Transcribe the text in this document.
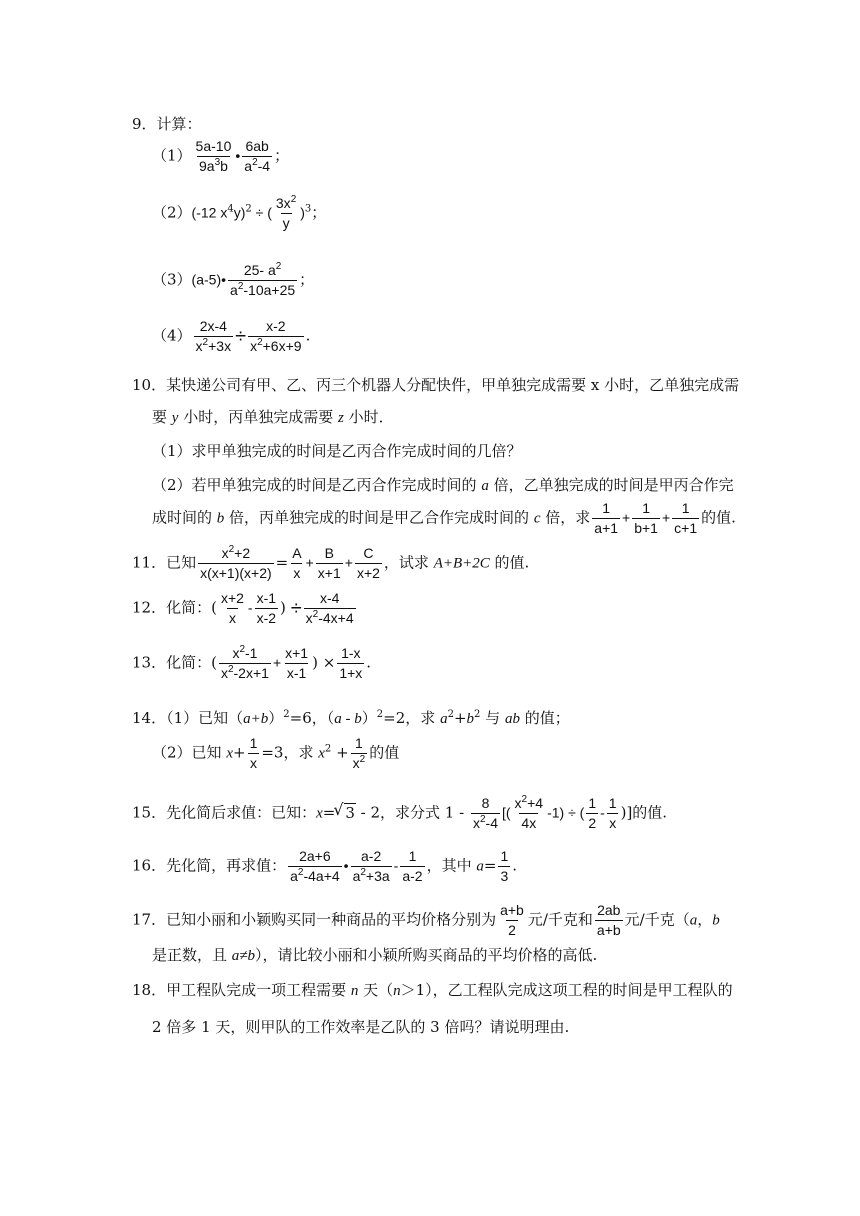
9．计算：
$(1) \frac{5a-10}{9a^3b}$ • $\frac{6ab}{a^2-4}$ ；
（2）(-12 $x^4y)^2$ ÷ ( $\frac{3x^2}{y} )^3$；
（3）(a-5)• $\frac{25- a^2}{a^2-10a+25}$ ；
$(4) \frac{2x-4}{x^2+3x} \div \frac{x-2}{x^2+6x+9}$ .
10．某快递公司有甲、乙、丙三个机器人分配快件，甲单独完成需要 x 小时，乙单独完成需
要 y 小时，丙单独完成需要 z 小时．
（1）求甲单独完成的时间是乙丙合作完成时间的几倍？
（2）若甲单独完成的时间是乙丙合作完成时间的 a 倍，乙单独完成的时间是甲丙合作完
成时间的 b 倍，丙单独完成的时间是甲乙合作完成时间的 c 倍，求 $\frac{1}{a+1} + \frac{1}{b+1} + \frac{1}{c+1}$ 的值.
11．已知 $\frac{x^2+2}{x(x+1)(x+2)} = \frac{A}{x} + \frac{B}{x+1} + \frac{C}{x+2}$ ，试求 A+B+2C 的值.
12．化简：( $\frac{x+2}{x} - \frac{x-1}{x-2}$ ) ÷ $\frac{x-4}{x^2-4x+4}$
13．化简：( $\frac{x^2-1}{x^2-2x+1} + \frac{x+1}{x-1}$ ) × $\frac{1-x}{1+x}$ .
14．（1）已知$(a+b)^2=6$，（a - b）$^2$=2，求 $a^2+b^2$ 与 ab 的值；
（2）已知 $x+ \frac{1}{x} =3$，求 $x^2 + \frac{1}{x^2}$ 的值
15．先化简后求值：已知：x=√ 3 - 2，求分式 $1 - \frac{8}{x^2-4}$ [( $\frac{x^2+4}{4x} -1$) ÷ ( $\frac{1}{2} - \frac{1}{x}$ )]的值.
16．先化简，再求值： $\frac{2a+6}{a^2-4a+4}$ • $\frac{a-2}{a^2+3a} - \frac{1}{a-2}$ ，其中 $a= \frac{1}{3}$ .
17．已知小丽和小颖购买同一种商品的平均价格分别为 $\frac{a+b}{2}$ 元/千克和 $\frac{2ab}{a+b}$ 元/千克（a，b
是正数，且 a≠b），请比较小丽和小颖所购买商品的平均价格的高低.
18．甲工程队完成一项工程需要 n 天（n＞1），乙工程队完成这项工程的时间是甲工程队的
2 倍多 1 天，则甲队的工作效率是乙队的 3 倍吗？请说明理由.
